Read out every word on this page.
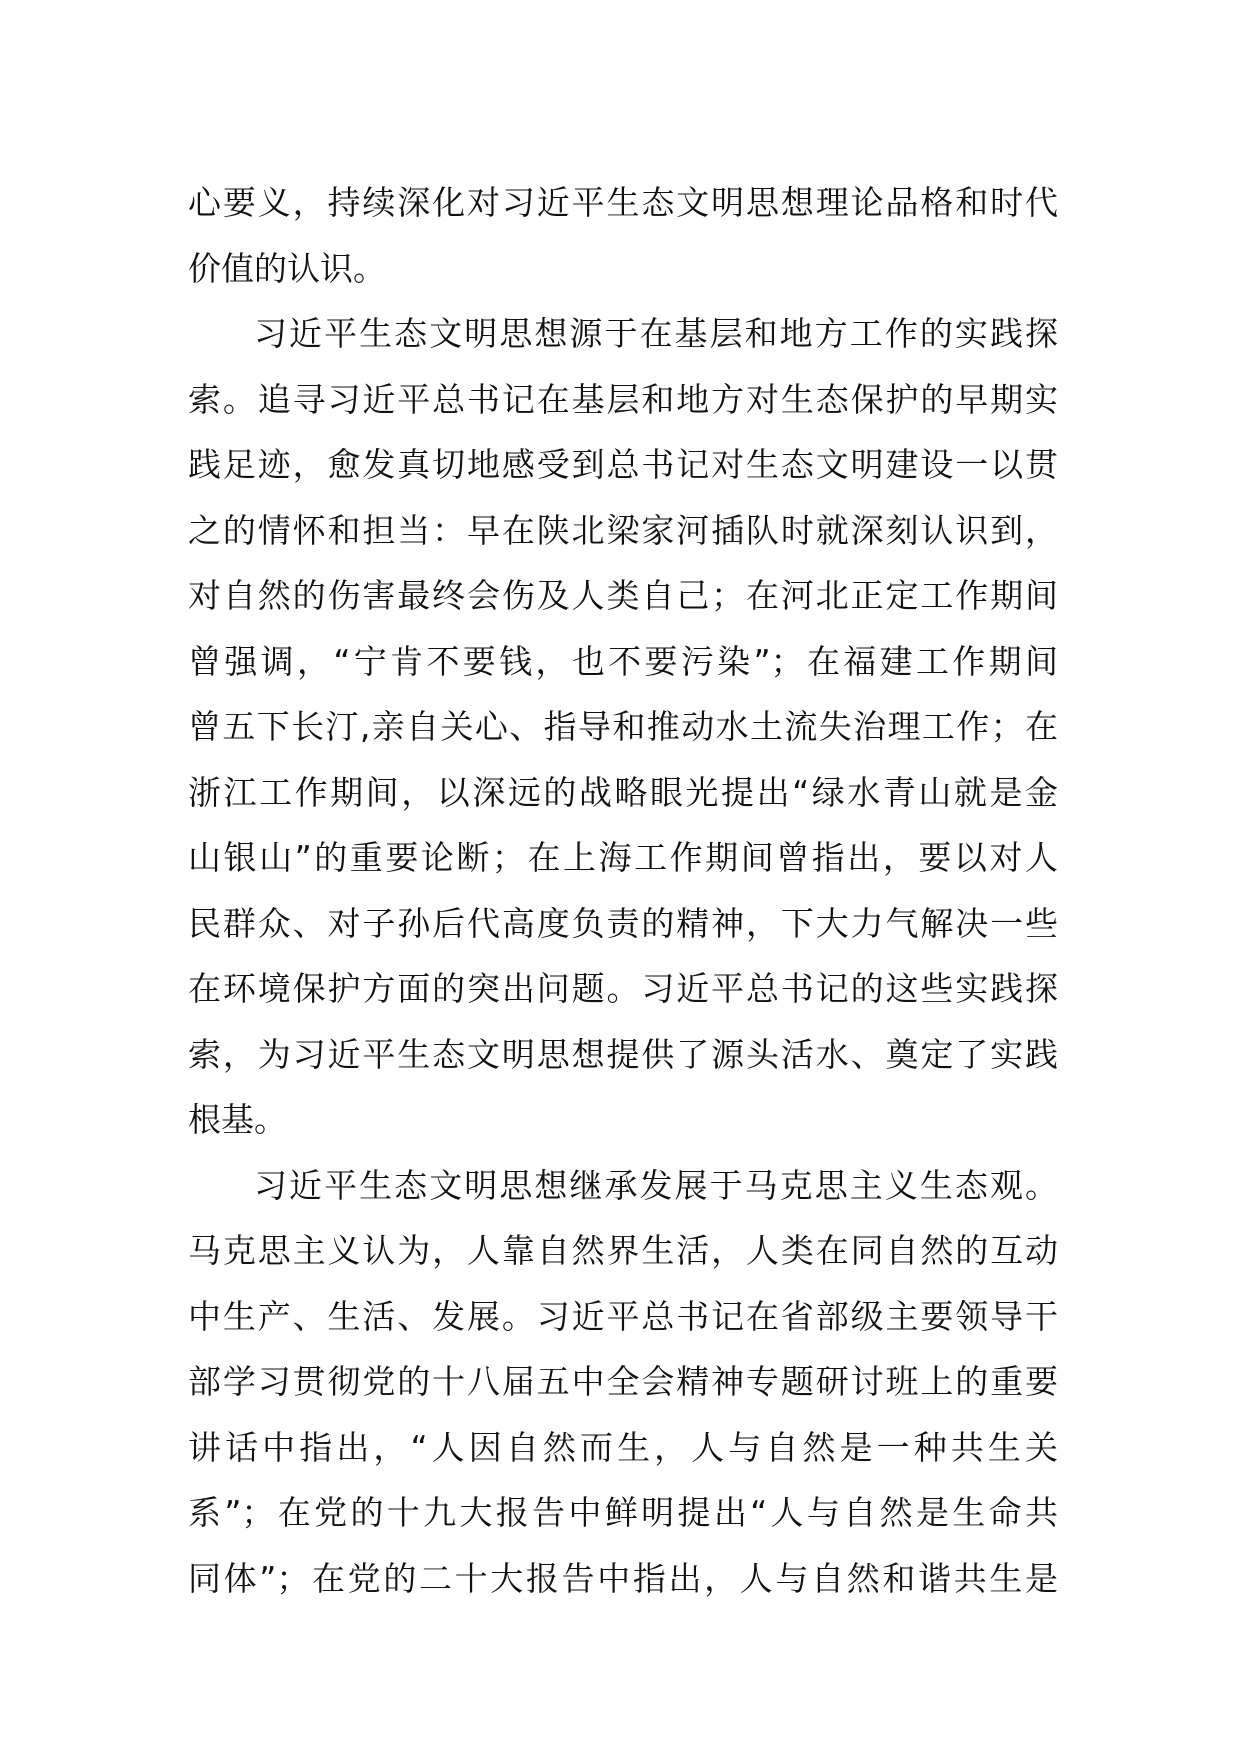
心要义，持续深化对习近平生态文明思想理论品格和时代
价值的认识。
习近平生态文明思想源于在基层和地方工作的实践探
索。追寻习近平总书记在基层和地方对生态保护的早期实
践足迹，愈发真切地感受到总书记对生态文明建设一以贯
之的情怀和担当：早在陕北梁家河插队时就深刻认识到，
对自然的伤害最终会伤及人类自己；在河北正定工作期间
曾强调，“宁肯不要钱，也不要污染”；在福建工作期间
曾五下长汀,亲自关心、指导和推动水土流失治理工作；在
浙江工作期间，以深远的战略眼光提出“绿水青山就是金
山银山”的重要论断；在上海工作期间曾指出，要以对人
民群众、对子孙后代高度负责的精神，下大力气解决一些
在环境保护方面的突出问题。习近平总书记的这些实践探
索，为习近平生态文明思想提供了源头活水、奠定了实践
根基。
习近平生态文明思想继承发展于马克思主义生态观。
马克思主义认为，人靠自然界生活，人类在同自然的互动
中生产、生活、发展。习近平总书记在省部级主要领导干
部学习贯彻党的十八届五中全会精神专题研讨班上的重要
讲话中指出，“人因自然而生，人与自然是一种共生关
系”；在党的十九大报告中鲜明提出“人与自然是生命共
同体”；在党的二十大报告中指出，人与自然和谐共生是
